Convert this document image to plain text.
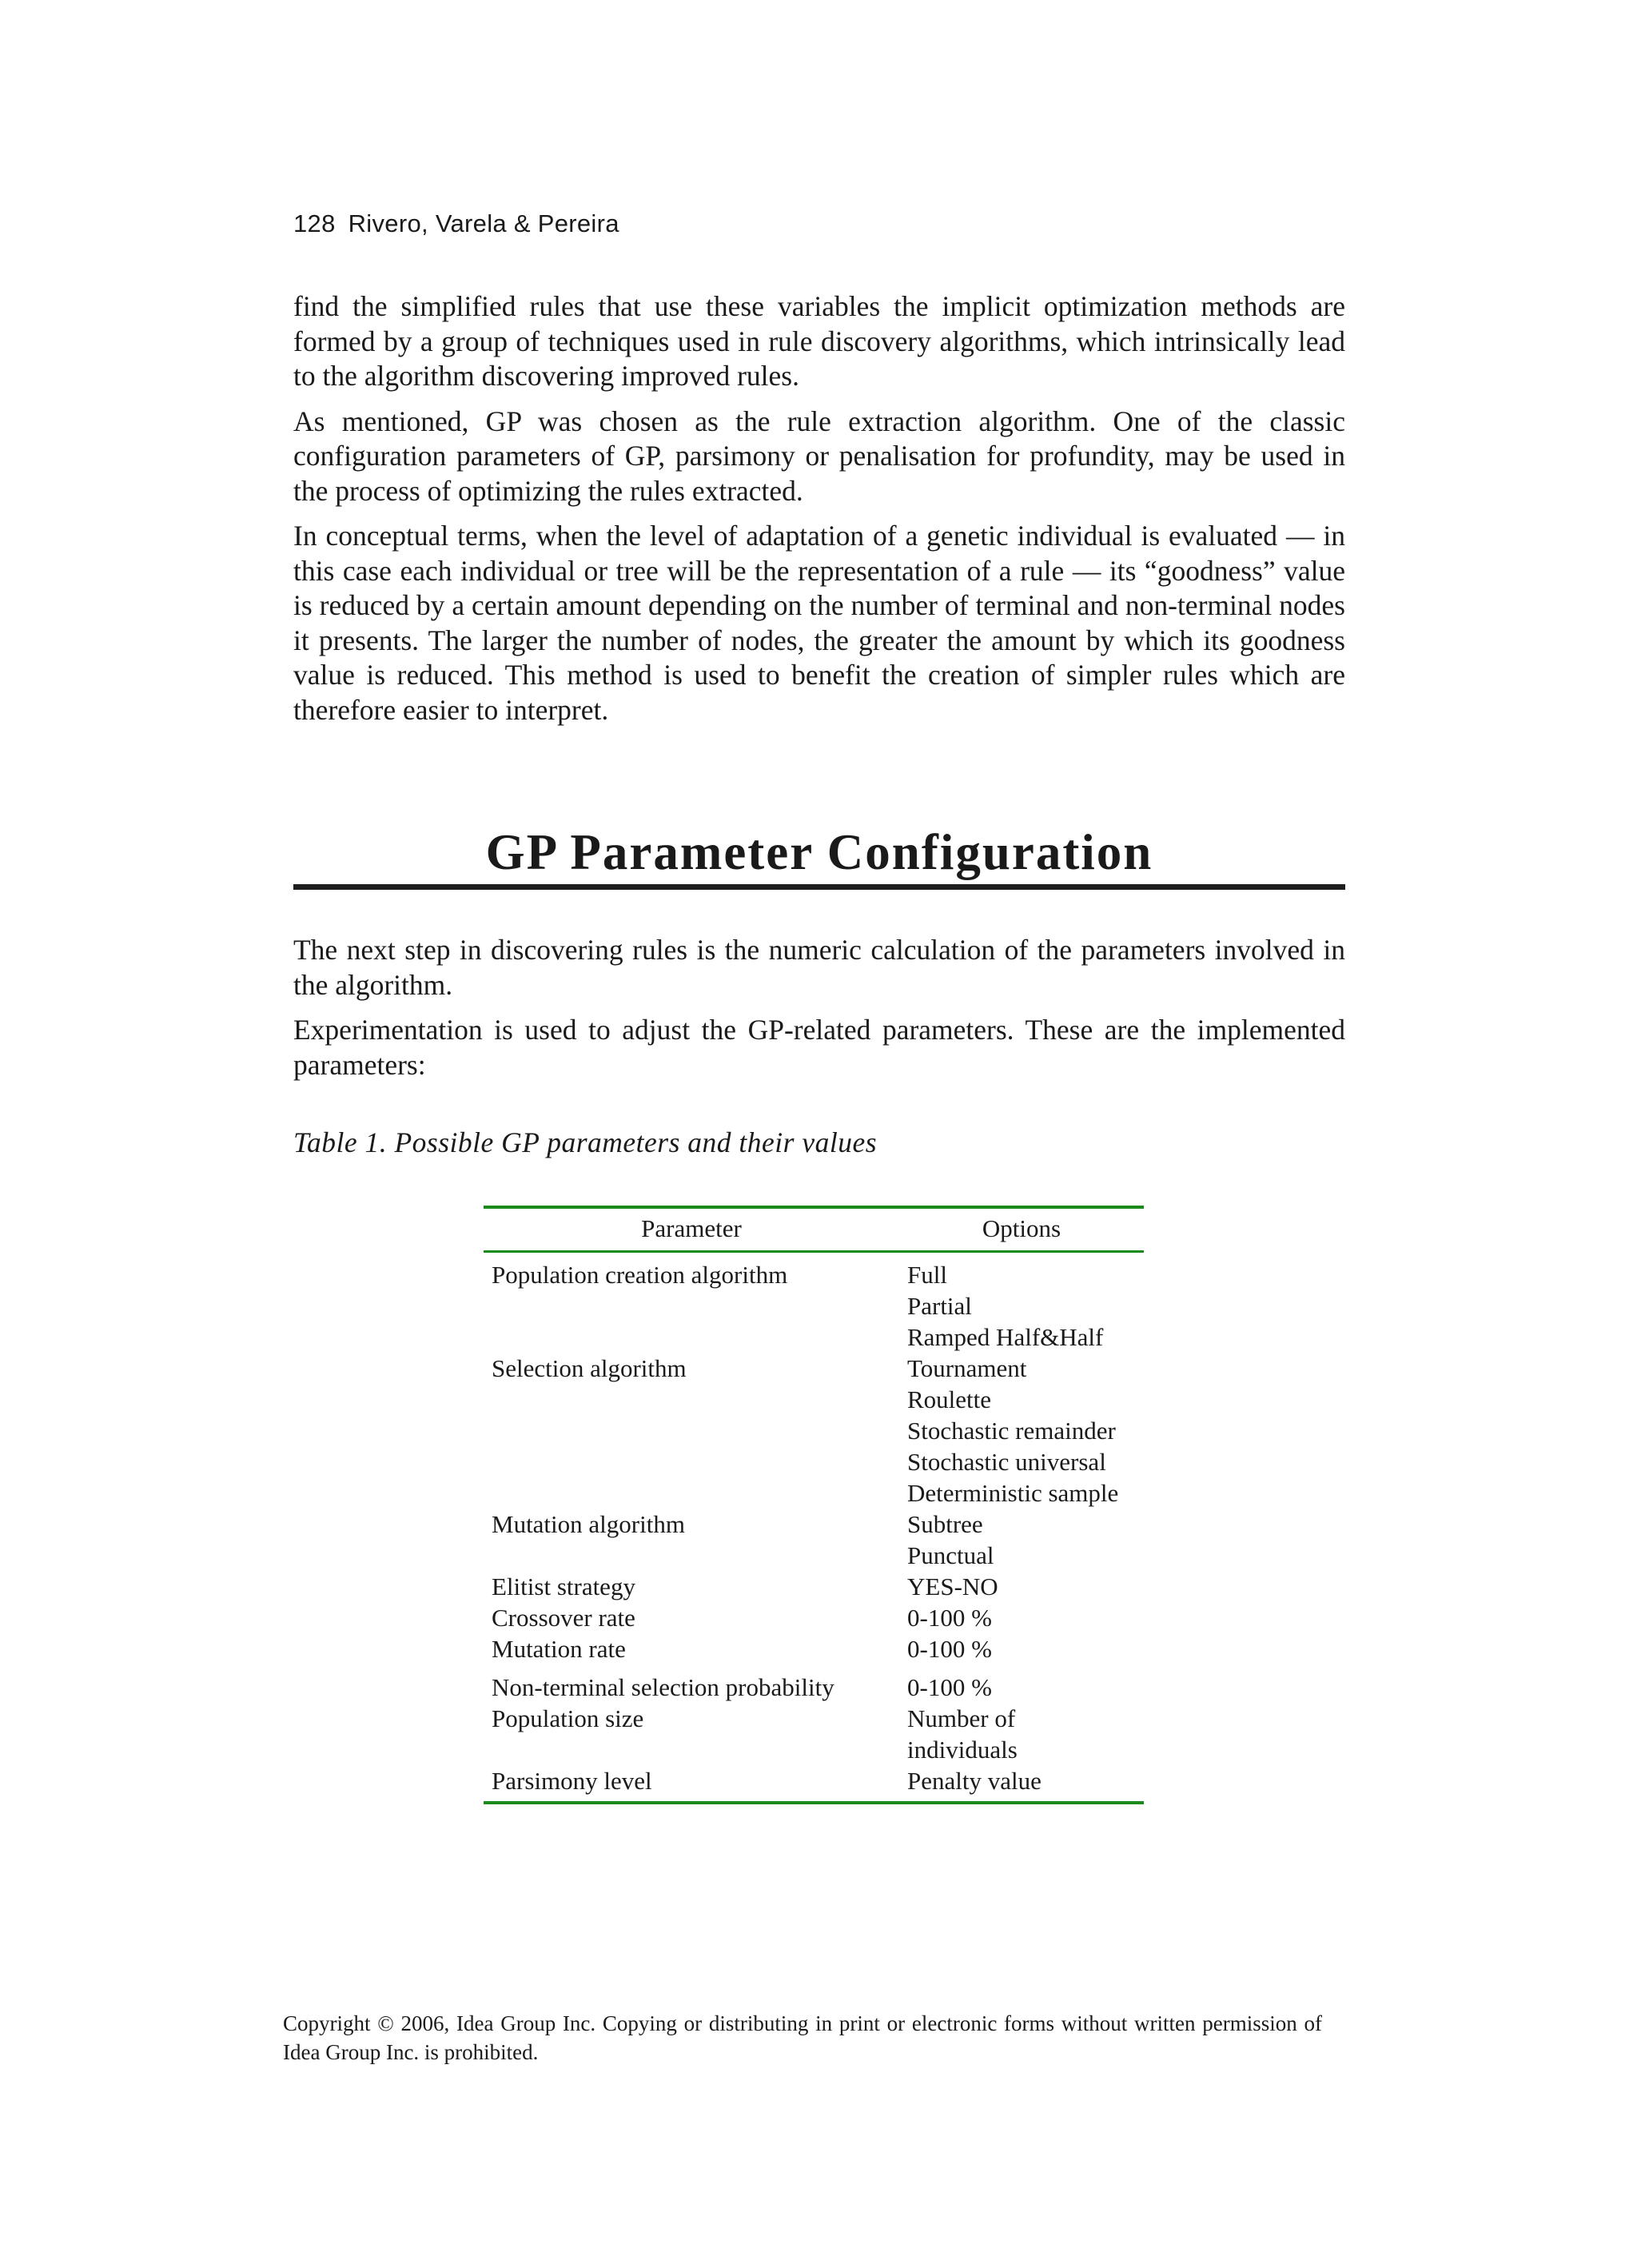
128 Rivero, Varela & Pereira

find the simplified rules that use these variables the implicit optimization methods are formed by a group of techniques used in rule discovery algorithms, which intrinsically lead to the algorithm discovering improved rules.

As mentioned, GP was chosen as the rule extraction algorithm. One of the classic configuration parameters of GP, parsimony or penalisation for profundity, may be used in the process of optimizing the rules extracted.

In conceptual terms, when the level of adaptation of a genetic individual is evaluated — in this case each individual or tree will be the representation of a rule — its “goodness” value is reduced by a certain amount depending on the number of terminal and non-terminal nodes it presents. The larger the number of nodes, the greater the amount by which its goodness value is reduced. This method is used to benefit the creation of simpler rules which are therefore easier to interpret.

GP Parameter Configuration

The next step in discovering rules is the numeric calculation of the parameters involved in the algorithm.

Experimentation is used to adjust the GP-related parameters. These are the implemented parameters:

Table 1. Possible GP parameters and their values
Parameter	Options

Population creation algorithm	Full
Partial
Ramped Half&Half

Selection algorithm	Tournament
Roulette
Stochastic remainder
Stochastic universal
Deterministic sample

Mutation algorithm	Subtree
Punctual

Elitist strategy	YES-NO

Crossover rate	0-100 %

Mutation rate	0-100 %

Non-terminal selection probability	0-100 %

Population size	Number of individuals

Parsimony level	Penalty value
Copyright © 2006, Idea Group Inc. Copying or distributing in print or electronic forms without written permission of Idea Group Inc. is prohibited.
